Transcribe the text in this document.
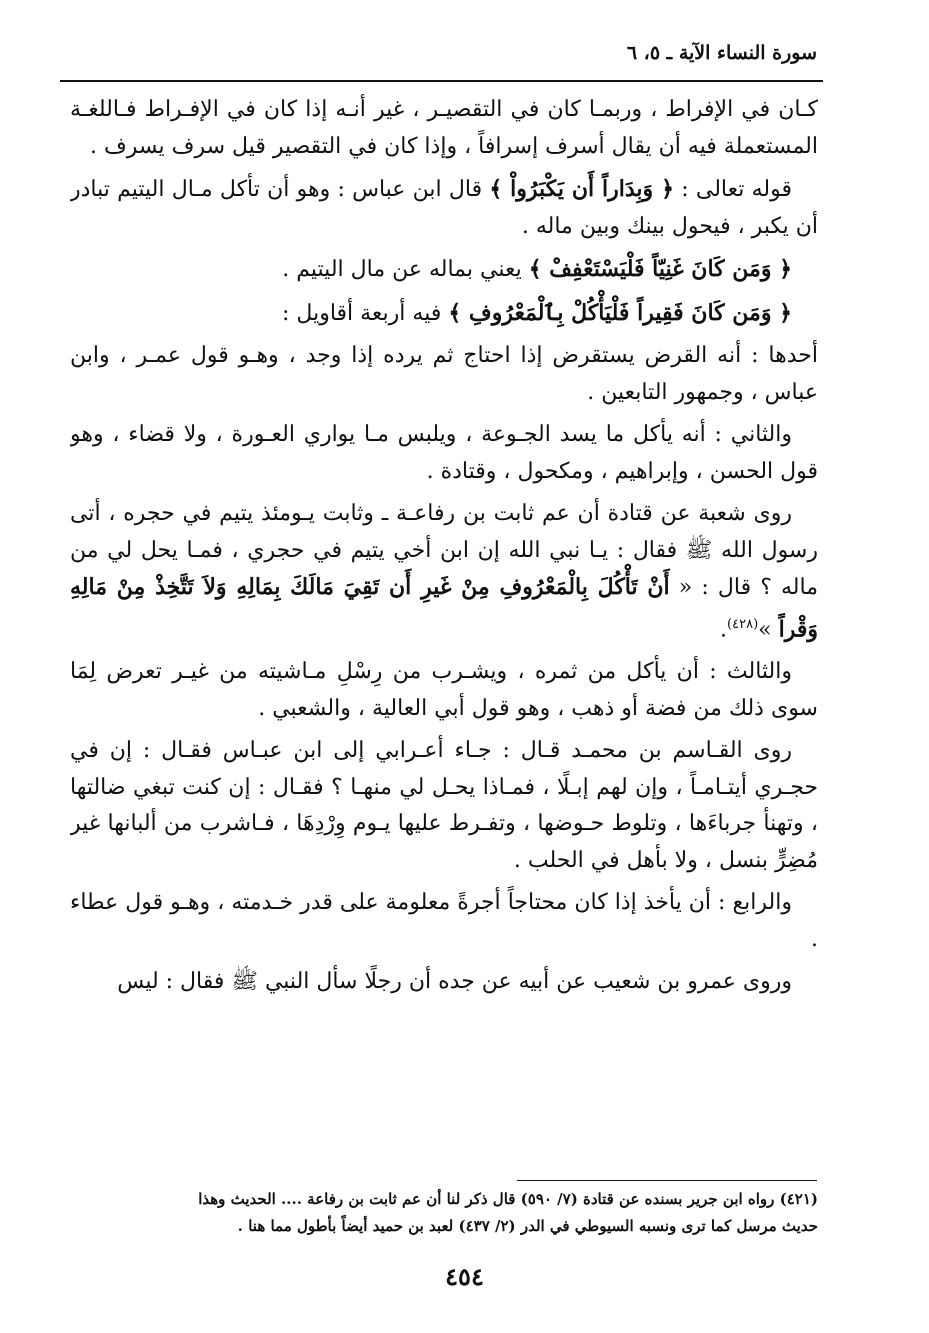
سورة النساء الآية ـ ٥، ٦

كـان في الإفراط ، وربمـا كان في التقصيـر ، غير أنـه إذا كان في الإفـراط فـاللغـة المستعملة فيه أن يقال أسرف إسرافاً ، وإذا كان في التقصير قيل سرف يسرف .

قوله تعالى : ﴿ وَبِدَاراً أَن يَكْبَرُواْ ﴾ قال ابن عباس : وهو أن تأكل مـال اليتيم تبادر أن يكبر ، فيحول بينك وبين ماله .

﴿ وَمَن كَانَ غَنِيّاً فَلْيَسْتَعْفِفْ ﴾ يعني بماله عن مال اليتيم .

﴿ وَمَن كَانَ فَقِيراً فَلْيَأْكُلْ بِٱلْمَعْرُوفِ ﴾ فيه أربعة أقاويل :

أحدها : أنه القرض يستقرض إذا احتاج ثم يرده إذا وجد ، وهـو قول عمـر ، وابن عباس ، وجمهور التابعين .

والثاني : أنه يأكل ما يسد الجـوعة ، ويلبس مـا يواري العـورة ، ولا قضاء ، وهو قول الحسن ، وإبراهيم ، ومكحول ، وقتادة .

روى شعبة عن قتادة أن عم ثابت بن رفاعـة ـ وثابت يـومئذ يتيم في حجره ، أتى رسول الله ﷺ فقال : يـا نبي الله إن ابن أخي يتيم في حجري ، فمـا يحل لي من ماله ؟ قال : « أَنْ تَأْكُلَ بِالْمَعْرُوفِ مِنْ غَيرِ أَن تَقِيَ مَالَكَ بِمَالِهِ وَلاَ تَتَّخِذْ مِنْ مَالِهِ وَقْراً »$^{(٤٢٨)}$.

والثالث : أن يأكل من ثمره ، ويشـرب من رِسْلِ مـاشيته من غيـر تعرض لِمَا سوى ذلك من فضة أو ذهب ، وهو قول أبي العالية ، والشعبي .

روى القـاسم بن محمـد قـال : جـاء أعـرابي إلى ابن عبـاس فقـال : إن في حجـري أيتـامـاً ، وإن لهم إبـلًا ، فمـاذا يحـل لي منهـا ؟ فقـال : إن كنت تبغي ضالتها ، وتهنأ جرباءَها ، وتلوط حـوضها ، وتفـرط عليها يـوم وِرْدِهَا ، فـاشرب من ألبانها غير مُضِرٍّ بنسل ، ولا بأهل في الحلب .

والرابع : أن يأخذ إذا كان محتاجاً أجرةً معلومة على قدر خـدمته ، وهـو قول عطاء .

وروى عمرو بن شعيب عن أبيه عن جده أن رجلًا سأل النبي ﷺ فقال : ليس

(٤٢١) رواه ابن جرير بسنده عن قتادة (٧/ ٥٩٠) قال ذكر لنا أن عم ثابت بن رفاعة .... الحديث وهذا

حديث مرسل كما ترى ونسبه السيوطي في الدر (٢/ ٤٣٧) لعبد بن حميد أيضاً بأطول مما هنا .

٤٥٤
